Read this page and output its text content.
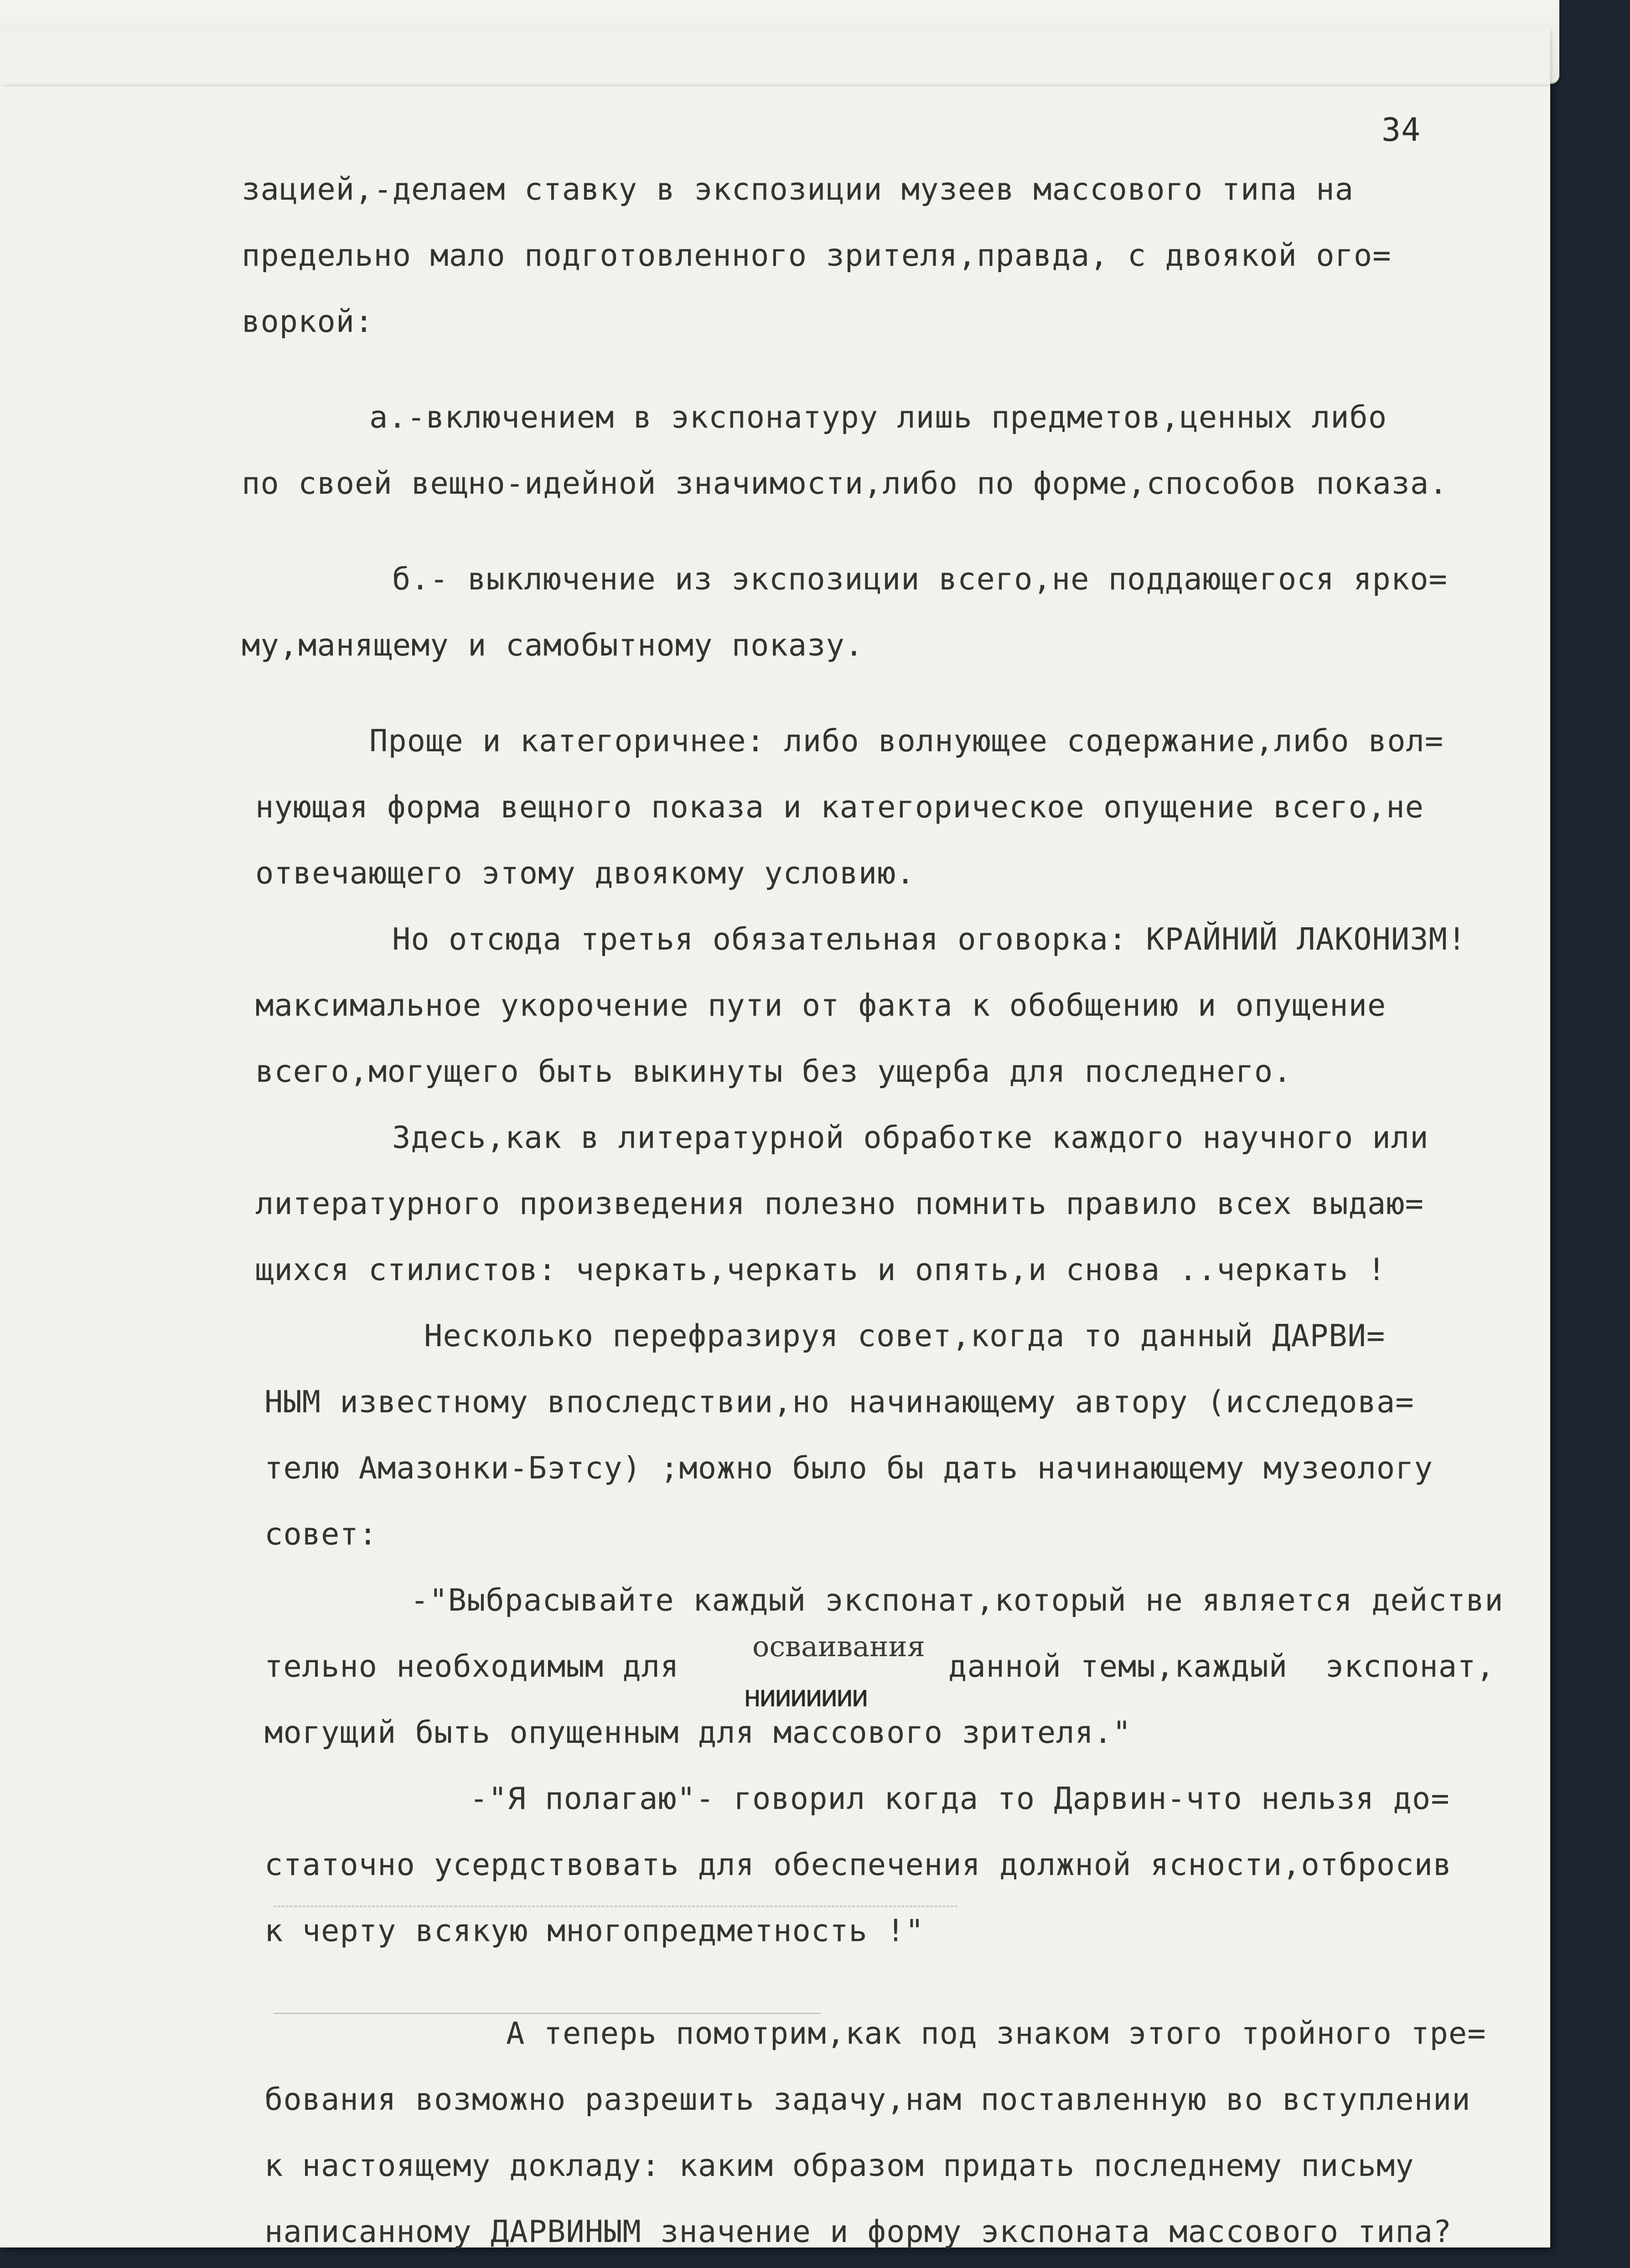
34

зацией,-делаем ставку в экспозиции музеев массового типа на

предельно мало подготовленного зрителя,правда, с двоякой ого=

воркой:

а.-включением в экспонатуру лишь предметов,ценных либо

по своей вещно-идейной значимости,либо по форме,способов показа.

б.- выключение из экспозиции всего,не поддающегося ярко=

му,манящему и самобытному показу.

Проще и категоричнее: либо волнующее содержание,либо вол=

нующая форма вещного показа и категорическое опущение всего,не

отвечающего этому двоякому условию.

Но отсюда третья обязательная оговорка: КРАЙНИЙ ЛАКОНИЗМ!

максимальное укорочение пути от факта к обобщению и опущение

всего,могущего быть выкинуты без ущерба для последнего.

Здесь,как в литературной обработке каждого научного или

литературного произведения полезно помнить правило всех выдаю=

щихся стилистов: черкать,черкать и опять,и снова ..черкать !

Несколько перефразируя совет,когда то данный ДАРВИ=

НЫМ известному впоследствии,но начинающему автору (исследова=

телю Амазонки-Бэтсу) ;можно было бы дать начинающему музеологу

совет:

-"Выбрасывайте каждый экспонат,который не является действи

осваивания

тельно необходимым для

ниииииии

данной темы,каждый  экспонат,

могущий быть опущенным для массового зрителя."

-"Я полагаю"- говорил когда то Дарвин-что нельзя до=

статочно усердствовать для обеспечения должной ясности,отбросив

к черту всякую многопредметность !"

А теперь помотрим,как под знаком этого тройного тре=

бования возможно разрешить задачу,нам поставленную во вступлении

к настоящему докладу: каким образом придать последнему письму

написанному ДАРВИНЫМ значение и форму экспоната массового типа?
